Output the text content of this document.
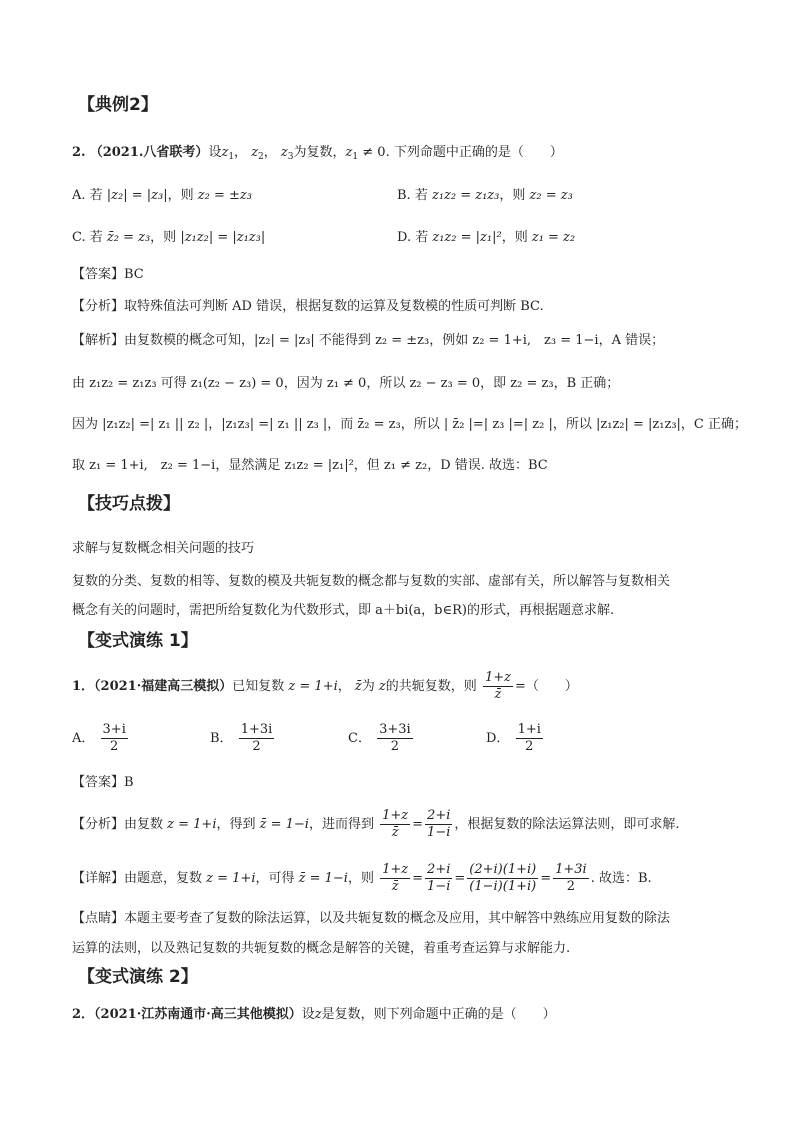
【典例2】
2. （2021.八省联考）设$z_1$， $z_2$， $z_3$为复数，$z_1 \ne 0$. 下列命题中正确的是（　　）
A. 若 |z₂| = |z₃|，则 z₂ = ±z₃	B. 若 z₁z₂ = z₁z₃，则 z₂ = z₃
C. 若 z̄₂ = z₃，则 |z₁z₂| = |z₁z₃|	D. 若 z₁z₂ = |z₁|²，则 z₁ = z₂
【答案】BC
【分析】取特殊值法可判断 AD 错误，根据复数的运算及复数模的性质可判断 BC.
【解析】由复数模的概念可知，|z₂| = |z₃| 不能得到 z₂ = ±z₃，例如 z₂ = 1+i,　z₃ = 1−i，A 错误；
由 z₁z₂ = z₁z₃ 可得 z₁(z₂ − z₃) = 0，因为 z₁ ≠ 0，所以 z₂ − z₃ = 0，即 z₂ = z₃，B 正确；
因为 |z₁z₂| =| z₁ || z₂ |，|z₁z₃| =| z₁ || z₃ |，而 z̄₂ = z₃，所以 | z̄₂ |=| z₃ |=| z₂ |，所以 |z₁z₂| = |z₁z₃|，C 正确；
取 z₁ = 1+i,　z₂ = 1−i，显然满足 z₁z₂ = |z₁|²，但 z₁ ≠ z₂，D 错误. 故选：BC
【技巧点拨】
求解与复数概念相关问题的技巧
复数的分类、复数的相等、复数的模及共轭复数的概念都与复数的实部、虚部有关，所以解答与复数相关
概念有关的问题时，需把所给复数化为代数形式，即 a＋bi(a，b∈R)的形式，再根据题意求解.
【变式演练 1】
1．（2021·福建高三模拟）已知复数 z = 1+i， z̄为 z的共轭复数，则 $\frac{1+z}{z̄}$ =（　　）
A． $\frac{3+i}{2}$	B． $\frac{1+3i}{2}$	C． $\frac{3+3i}{2}$	D． $\frac{1+i}{2}$
【答案】B
【分析】由复数 z = 1+i，得到 z̄ = 1−i，进而得到 $\frac{1+z}{z̄} = \frac{2+i}{1-i}$ ，根据复数的除法运算法则，即可求解.
【详解】由题意，复数 z = 1+i，可得 z̄ = 1−i，则 $\frac{1+z}{z̄} = \frac{2+i}{1-i} = \frac{(2+i)(1+i)}{(1-i)(1+i)} = \frac{1+3i}{2}$ . 故选：B.
【点睛】本题主要考查了复数的除法运算，以及共轭复数的概念及应用，其中解答中熟练应用复数的除法
运算的法则，以及熟记复数的共轭复数的概念是解答的关键，着重考查运算与求解能力.
【变式演练 2】
2．（2021·江苏南通市·高三其他模拟）设z是复数，则下列命题中正确的是（　　）
